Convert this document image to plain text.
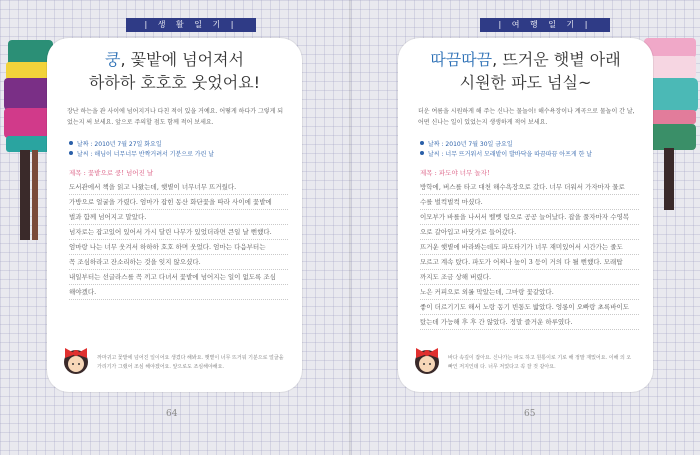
| 생 활 일 기 |	| 여 행 일 기 |
쿵, 꽃밭에 넘어져서
하하하 호호호 웃었어요!
장난 하는을 관 사이에 넘어지거나 다친 적이 있을 거예요. 어떻게 하다가 그렇게 되었는지 써 보세요. 앞으로 주의할 점도 함께 적어 보세요.
날짜 : 2010년 7월 27일 화요일
날씨 : 해님이 너무너무 반짝거려서 기분으로 가린 날
제목 : 꽃밭으로 쿵! 넘어진 날
도서관에서 책을 읽고 나왔는데, 햇볕이 너무너무 뜨거웠다.
가방으로 얼굴을 가렸다. 엄마가 잡힌 동산 화단꽃을 따라 사이에 꽃밭에
벌과 함께 넘어지고 말았다.
넘자로는 잡고있어 있어서 가시 달린 나무가 있었더라면 큰일 날 뻔했다.
엄마랑 나는 너무 웃겨서 하하하 호호 하며 웃었다. 엄마는 다음부터는
꼭 조심하라고 잔소리하는 것을 잊지 않으셨다.
내일부터는 선글라스를 꼭 끼고 다녀서 꽃밭에 넘어지는 일이 없도록 조심
해야겠다.
까마귀고 꽃밭에 넘어진 일이어요 생겼다 해봐요. 햇볕이 너무 뜨거워 기분으로 얼굴을 가리기가 그랬어 조심 해야겠어요. 앞으로도 조심해야해요.
따끔따끔, 뜨거운 햇볕 아래
시원한 파도 넘실~
더운 여름을 시원하게 해 주는 신나는 물놀이! 해수욕장이나 계곡으로 물놀이 간 날, 어떤 신나는 일이 있었는지 생생하게 적어 보세요.
날짜 : 2010년 7월 30일 금요일
날씨 : 너무 뜨거워서 모래밭이 발바닥을 따끔따끔 아프게 한 날
제목 : 파도야 너무 놀자!
방학에, 버스를 타고 대천 해수욕장으로 갔다. 너무 더워서 가자마자 물로
수를 벌컥벌컥 마셨다.
이모부가 바를을 나서서 벨벳 팀으로 공공 늘어났다. 잡을 풀자마자 수영복
으로 갈아입고 바닷가로 들어갔다.
뜨거운 햇볕에 바라봐는데도 파도타기가 너무 재미있어서 시간가는 줄도
모르고 계속 탔다. 파도가 어찌나 높이 3 등이 거의 다 될 뻔했다. 모래탑
까지도 조금 상해 버렸다.
노은 커피으로 외롤 막았는데, 그마랑 꽃같았다.
좋이 더르기기도 해서 노랑 동기 빈통도 밟았다. 엉롱이 오빠랑 초록바이도
탔는데 가능해 후 후 간 않았다. 정말 즐거운 하루였다.
바다 속깊이 잡아요. 신나가는 파도 하고 원통이로 기로 해 정말 재밌어요. 이해 의 오빠인 저지인데 다. 너무 저었다고 꼭 잘 것 같아요.
64	65
